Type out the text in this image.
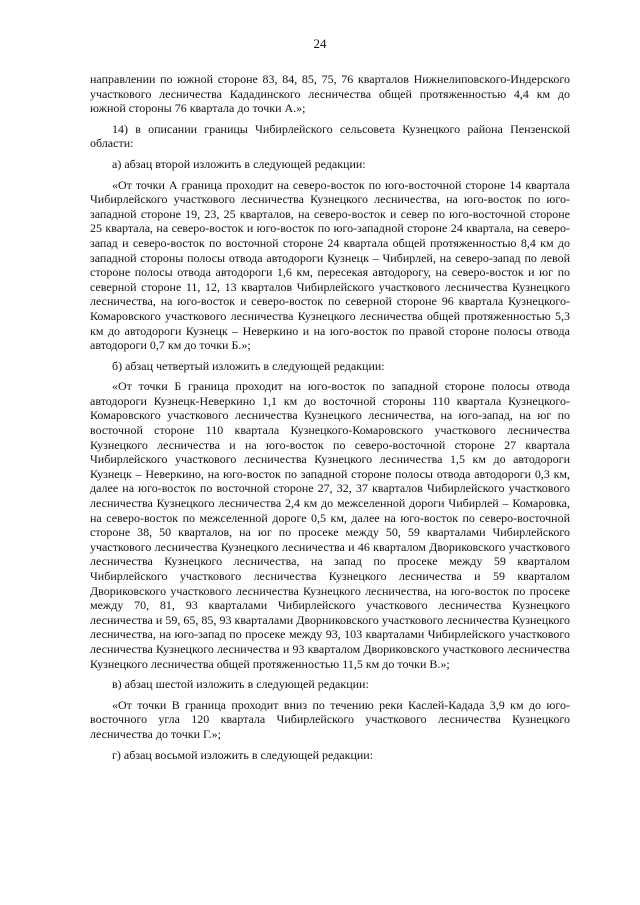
24

направлении по южной стороне 83, 84, 85, 75, 76 кварталов Нижнелиповского-Индерского участкового лесничества Кададинского лесничества общей протяженностью 4,4 км до южной стороны 76 квартала до точки А.»;

14) в описании границы Чибирлейского сельсовета Кузнецкого района Пензенской области:

а) абзац второй изложить в следующей редакции:

«От точки А граница проходит на северо-восток по юго-восточной стороне 14 квартала Чибирлейского участкового лесничества Кузнецкого лесничества, на юго-восток по юго-западной стороне 19, 23, 25 кварталов, на северо-восток и север по юго-восточной стороне 25 квартала, на северо-восток и юго-восток по юго-западной стороне 24 квартала, на северо-запад и северо-восток по восточной стороне 24 квартала общей протяженностью 8,4 км до западной стороны полосы отвода автодороги Кузнецк – Чибирлей, на северо-запад по левой стороне полосы отвода автодороги 1,6 км, пересекая автодорогу, на северо-восток и юг по северной стороне 11, 12, 13 кварталов Чибирлейского участкового лесничества Кузнецкого лесничества, на юго-восток и северо-восток по северной стороне 96 квартала Кузнецкого-Комаровского участкового лесничества Кузнецкого лесничества общей протяженностью 5,3 км до автодороги Кузнецк – Неверкино и на юго-восток по правой стороне полосы отвода автодороги 0,7 км до точки Б.»;

б) абзац четвертый изложить в следующей редакции:

«От точки Б граница проходит на юго-восток по западной стороне полосы отвода автодороги Кузнецк-Неверкино 1,1 км до восточной стороны 110 квартала Кузнецкого-Комаровского участкового лесничества Кузнецкого лесничества, на юго-запад, на юг по восточной стороне 110 квартала Кузнецкого-Комаровского участкового лесничества Кузнецкого лесничества и на юго-восток по северо-восточной стороне 27 квартала Чибирлейского участкового лесничества Кузнецкого лесничества 1,5 км до автодороги Кузнецк – Неверкино, на юго-восток по западной стороне полосы отвода автодороги 0,3 км, далее на юго-восток по восточной стороне 27, 32, 37 кварталов Чибирлейского участкового лесничества Кузнецкого лесничества 2,4 км до межселенной дороги Чибирлей – Комаровка, на северо-восток по межселенной дороге 0,5 км, далее на юго-восток по северо-восточной стороне 38, 50 кварталов, на юг по просеке между 50, 59 кварталами Чибирлейского участкового лесничества Кузнецкого лесничества и 46 кварталом Двориковского участкового лесничества Кузнецкого лесничества, на запад по просеке между 59 кварталом Чибирлейского участкового лесничества Кузнецкого лесничества и 59 кварталом Двориковского участкового лесничества Кузнецкого лесничества, на юго-восток по просеке между 70, 81, 93 кварталами Чибирлейского участкового лесничества Кузнецкого лесничества и 59, 65, 85, 93 кварталами Дворниковского участкового лесничества Кузнецкого лесничества, на юго-запад по просеке между 93, 103 кварталами Чибирлейского участкового лесничества Кузнецкого лесничества и 93 кварталом Двориковского участкового лесничества Кузнецкого лесничества общей протяженностью 11,5 км до точки В.»;

в) абзац шестой изложить в следующей редакции:

«От точки В граница проходит вниз по течению реки Каслей-Кадада 3,9 км до юго-восточного угла 120 квартала Чибирлейского участкового лесничества Кузнецкого лесничества до точки Г.»;

г) абзац восьмой изложить в следующей редакции:
